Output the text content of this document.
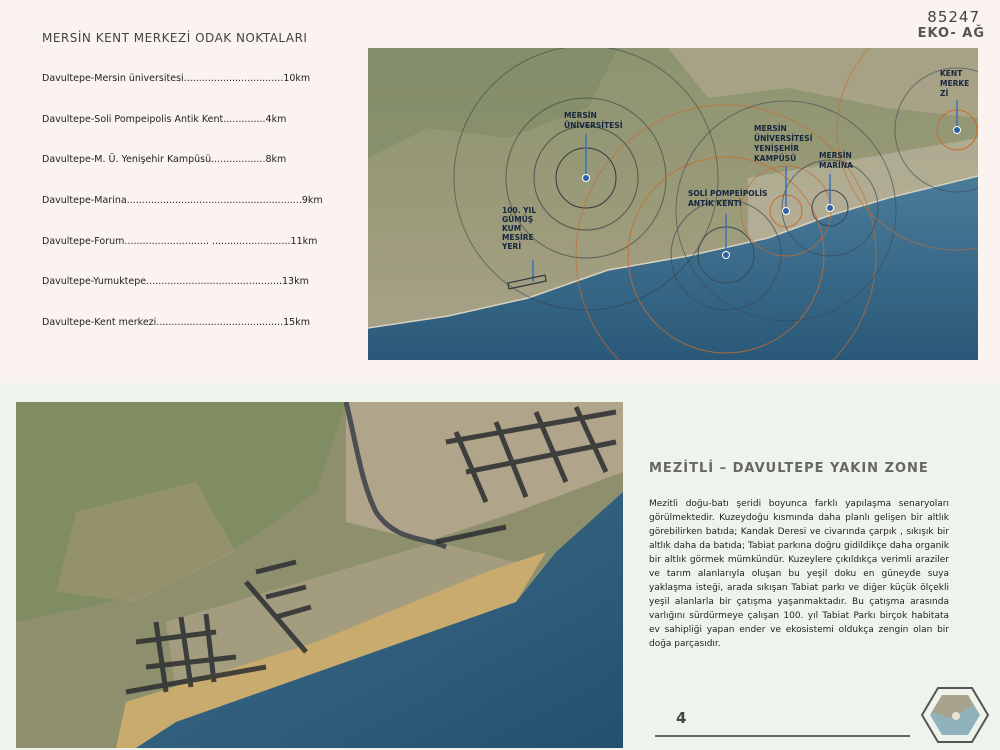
85247
EKO- AĞ
MERSİN KENT MERKEZİ ODAK NOKTALARI
Davultepe-Mersin üniversitesi.................................10km
Davultepe-Soli Pompeipolis Antik Kent..............4km
Davultepe-M. Ü. Yenişehir Kampüsü..................8km
Davultepe-Marina..........................................................9km
Davultepe-Forum............................ ..........................11km
Davultepe-Yumuktepe.............................................13km
Davultepe-Kent merkezi..........................................15km
MERSİN
ÜNİVERSİTESİ
100. YIL
GÜMÜŞ
KUM
MESİRE
YERİ
SOLİ POMPEİPOLİS
ANTİK KENTİ
MERSİN
ÜNİVERSİTESİ
YENİŞEHİR
KAMPÜSÜ	MERSİN
MARİNA
KENT
MERKE
Zİ
MEZİTLİ – DAVULTEPE YAKIN ZONE
Mezitli doğu-batı şeridi boyunca farklı yapılaşma senaryoları görülmektedir. Kuzeydoğu kısmında daha planlı gelişen bir altlık görebilirken batıda; Kandak Deresi ve civarında çarpık , sıkışık bir altlık daha da batıda; Tabiat parkına doğru gidildikçe daha organik bir altlık görmek mümkündür. Kuzeylere çıkıldıkça verimli araziler ve tarım alanlarıyla oluşan bu yeşil doku en güneyde suya yaklaşma isteği, arada sıkışan Tabiat parkı ve diğer küçük ölçekli yeşil alanlarla bir çatışma yaşanmaktadır. Bu çatışma arasında varlığını sürdürmeye çalışan 100. yıl Tabiat Parkı birçok habitata ev sahipliği yapan ender ve ekosistemi oldukça zengin olan bir doğa parçasıdır.
4
